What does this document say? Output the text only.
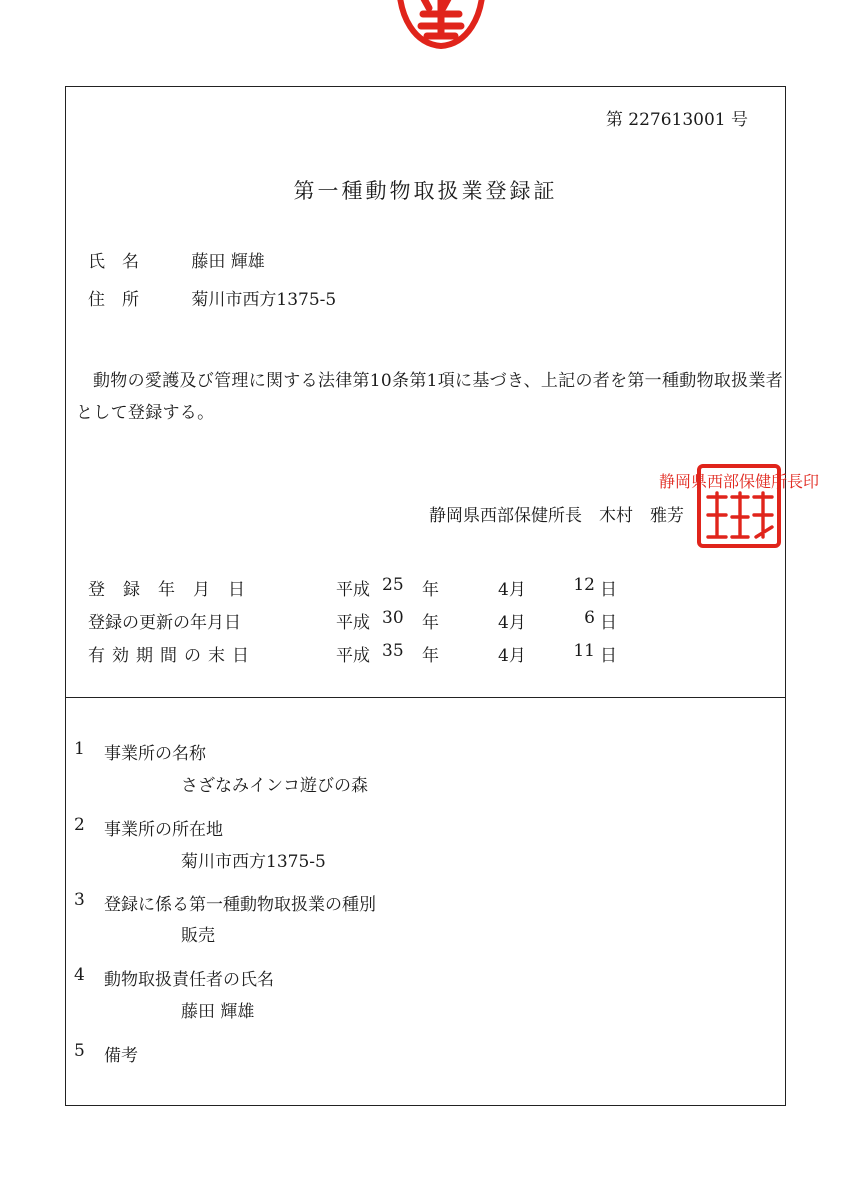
第 227613001 号
第一種動物取扱業登録証
氏　名	藤田 輝雄
住　所	菊川市西方1375-5
動物の愛護及び管理に関する法律第10条第1項に基づき、上記の者を第一種動物取扱業者として登録する。
静岡県西部保健所長　木村　雅芳
静岡県西部保健所長印
登録年月日	平成 25 年	4月	12 日
登録の更新の年月日	平成 30 年	4月	6 日
有効期間の末日	平成 35 年	4月	11 日
1 事業所の名称
さざなみインコ遊びの森
2 事業所の所在地
菊川市西方1375-5
3 登録に係る第一種動物取扱業の種別
販売
4 動物取扱責任者の氏名
藤田 輝雄
5 備考
